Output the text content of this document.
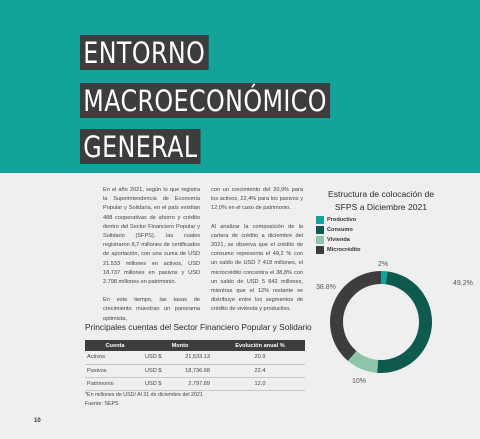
ENTORNO
MACROECONÓMICO
GENERAL

En el año 2021, según lo que registra la Superintendencia de Economía Popular y Solidaria, en el país existían 488 cooperativas de ahorro y crédito dentro del Sector Financiero Popular y Solidario (SFPS), las cuales registraron 8,7 millones de certificados de aportación, con una suma de USD 21.533 millones en activos, USD 18.737 millones en pasivos y USD 2.798 millones en patrimonio.

En este tiempo, las tasas de crecimiento muestran un panorama optimista,

con un crecimiento del 20,9% para los activos, 22,4% para los pasivos y 12,0% en el caso de patrimonio.

Al analizar la composición de la cartera de crédito a diciembre del 2021, se observa que el crédito de consumo representa el 49,2 % con un saldo de USD 7 418 millones, el microcrédito concentra el 38,8% con un saldo de USD 5 842 millones, mientras que el 12% restante se distribuye entre los segmentos de crédito de vivienda y productivo.

Principales cuentas del Sector Financiero Popular y Solidario
Cuenta	Monto	Evolución anual %
Activos	USD $ 21,533.13	20.9
Pasivos	USD $ 18,736.68	22.4
Patrimonio	USD $ 2,797.89	12.0
*En millones de USD/ Al 31 de diciembre del 2021
Fuente: SEPS
10
Estructura de colocación de SFPS a Diciembre 2021
Productivo
Consumo
Vivienda
Microcrédito
2%
49.2%
10%
38.8%
